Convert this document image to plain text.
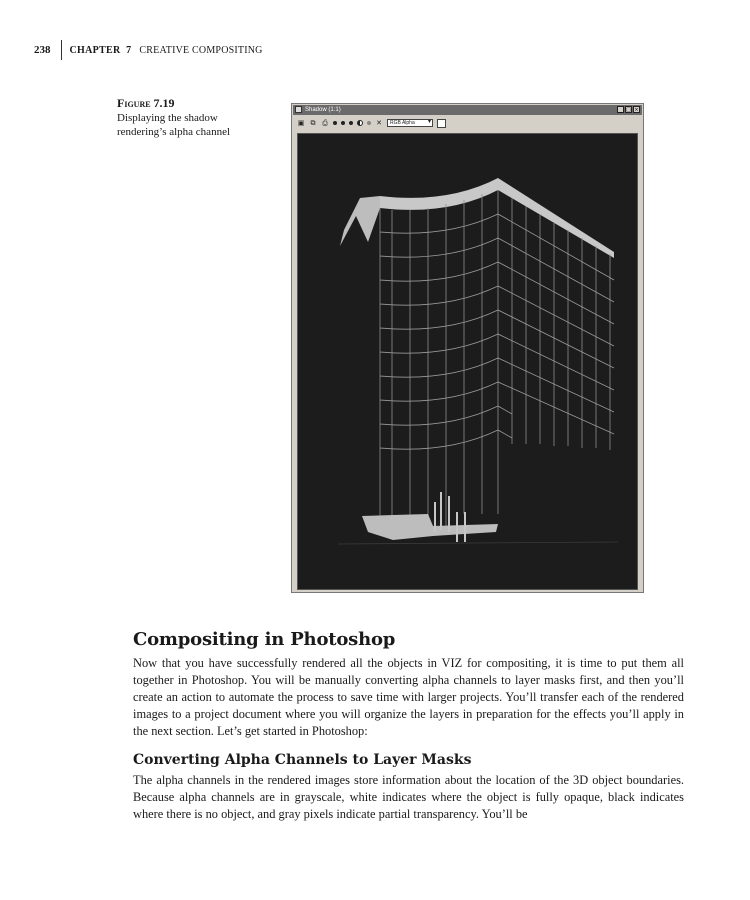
238 CHAPTER 7 CREATIVE COMPOSITING
Figure 7.19
Displaying the shadow rendering’s alpha channel
Shadow (1:1)	_ □ ×
▣ ⧉ ⎙	✕	RGB Alpha ▾
Compositing in Photoshop

Now that you have successfully rendered all the objects in VIZ for compositing, it is time to put them all together in Photoshop. You will be manually converting alpha channels to layer masks first, and then you’ll create an action to automate the process to save time with larger projects. You’ll transfer each of the rendered images to a project document where you will organize the layers in preparation for the effects you’ll apply in the next section. Let’s get started in Photoshop:

Converting Alpha Channels to Layer Masks

The alpha channels in the rendered images store information about the location of the 3D object boundaries. Because alpha channels are in grayscale, white indicates where the object is fully opaque, black indicates where there is no object, and gray pixels indicate partial transparency. You’ll be
